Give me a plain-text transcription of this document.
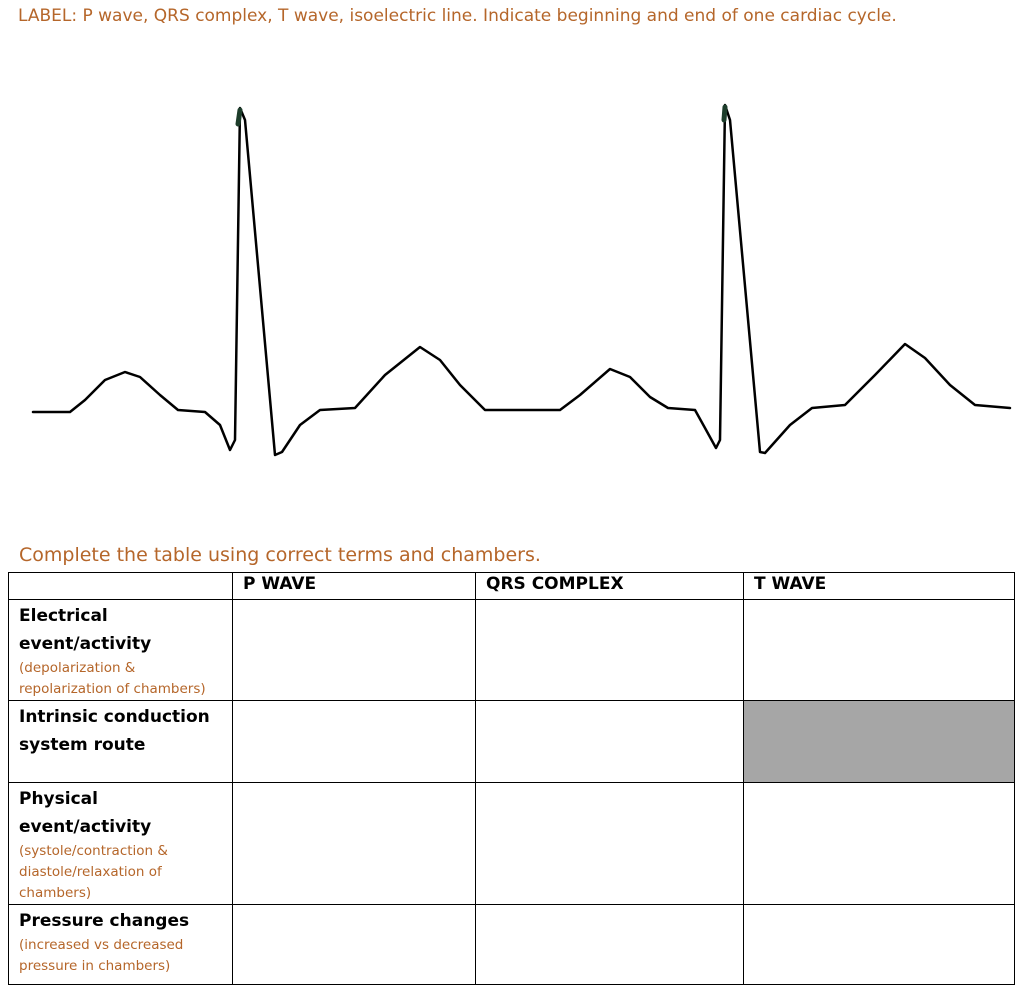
LABEL: P wave, QRS complex, T wave, isoelectric line. Indicate beginning and end of one cardiac cycle.
Complete the table using correct terms and chambers.
	P WAVE	QRS COMPLEX	T WAVE

Electrical event/activity
(depolarization & repolarization of chambers)			

Intrinsic conduction system route			

Physical event/activity
(systole/contraction & diastole/relaxation of chambers)			

Pressure changes
(increased vs decreased pressure in chambers)			
